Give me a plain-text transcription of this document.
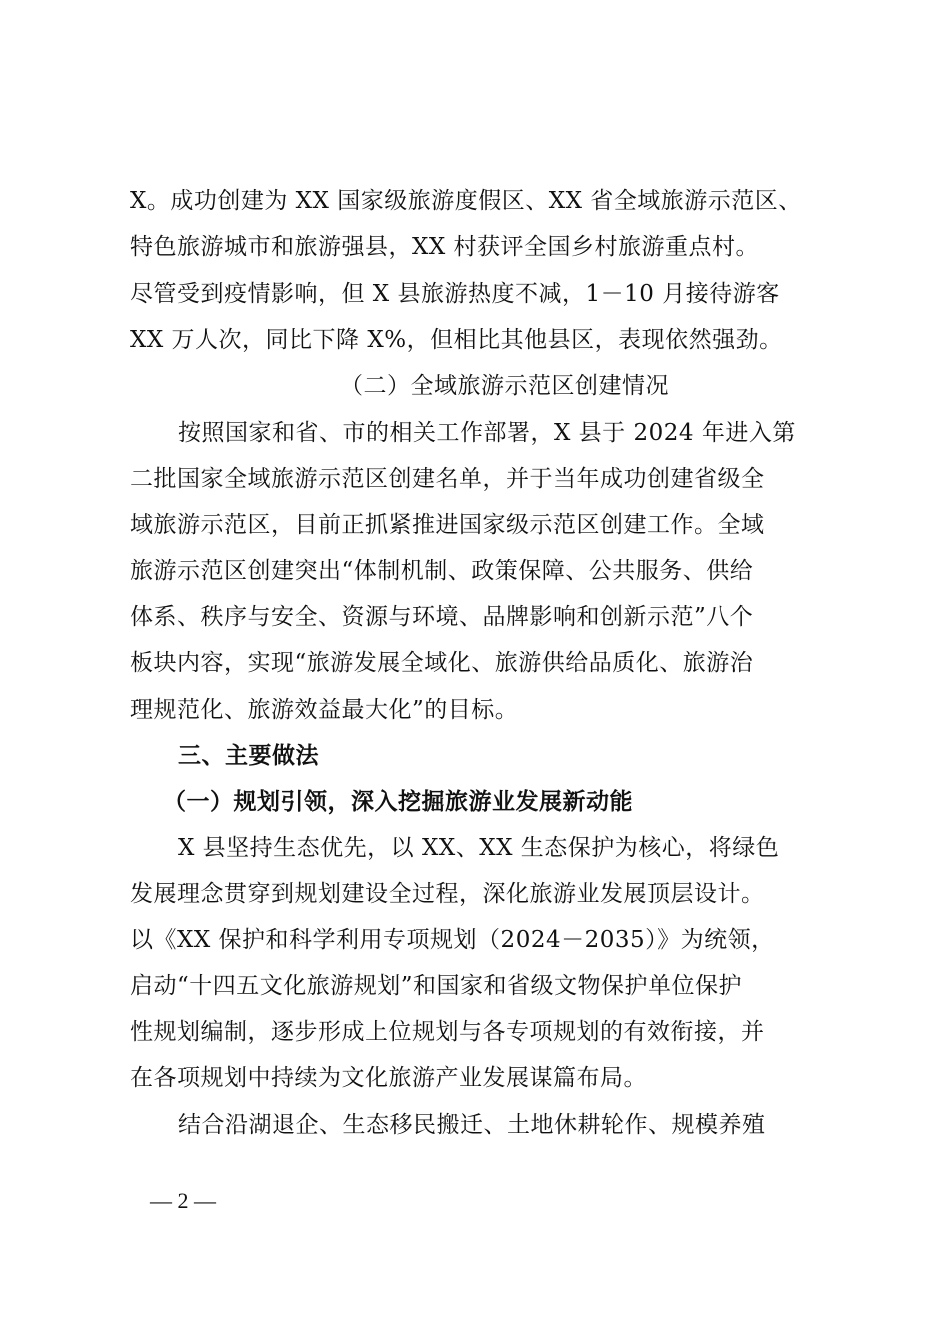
X。成功创建为 XX 国家级旅游度假区、XX 省全域旅游示范区、
特色旅游城市和旅游强县，XX 村获评全国乡村旅游重点村。
尽管受到疫情影响，但 X 县旅游热度不减，1－10 月接待游客
XX 万人次，同比下降 X%，但相比其他县区，表现依然强劲。
（二）全域旅游示范区创建情况
按照国家和省、市的相关工作部署，X 县于 2024 年进入第
二批国家全域旅游示范区创建名单，并于当年成功创建省级全
域旅游示范区，目前正抓紧推进国家级示范区创建工作。全域
旅游示范区创建突出“体制机制、政策保障、公共服务、供给
体系、秩序与安全、资源与环境、品牌影响和创新示范”八个
板块内容，实现“旅游发展全域化、旅游供给品质化、旅游治
理规范化、旅游效益最大化”的目标。
三、主要做法
（一）规划引领，深入挖掘旅游业发展新动能
X 县坚持生态优先，以 XX、XX 生态保护为核心，将绿色
发展理念贯穿到规划建设全过程，深化旅游业发展顶层设计。
以《XX 保护和科学利用专项规划（2024－2035）》为统领，
启动“十四五文化旅游规划”和国家和省级文物保护单位保护
性规划编制，逐步形成上位规划与各专项规划的有效衔接，并
在各项规划中持续为文化旅游产业发展谋篇布局。
结合沿湖退企、生态移民搬迁、土地休耕轮作、规模养殖
— 2 —
